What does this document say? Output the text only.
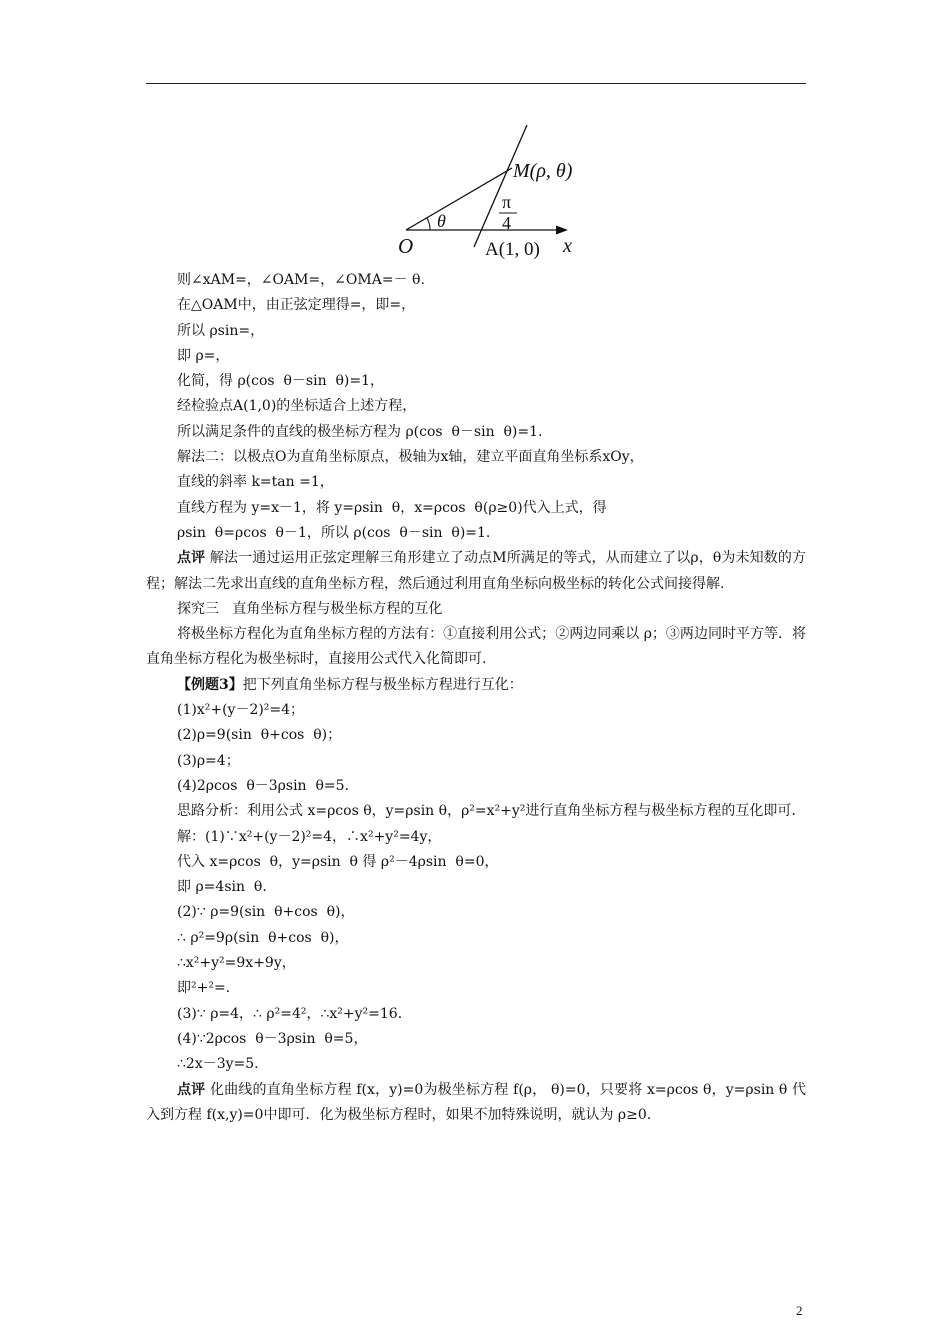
M(ρ, θ)
θ
π
4
O	A(1, 0) x
则∠xAM=，∠OAM=，∠OMA=－ θ.
在△OAM中，由正弦定理得=，即=，
所以 ρsin=，
即 ρ=，
化简，得 ρ(cos  θ－sin  θ)=1，
经检验点A(1,0)的坐标适合上述方程，
所以满足条件的直线的极坐标方程为 ρ(cos  θ－sin  θ)=1.
解法二：以极点O为直角坐标原点，极轴为x轴，建立平面直角坐标系xOy，
直线的斜率 k=tan =1，
直线方程为 y=x－1，将 y=ρsin  θ，x=ρcos  θ(ρ≥0)代入上式，得
ρsin  θ=ρcos  θ－1，所以 ρ(cos  θ－sin  θ)=1.
点评 解法一通过运用正弦定理解三角形建立了动点M所满足的等式，从而建立了以ρ，θ为未知数的方程；解法二先求出直线的直角坐标方程，然后通过利用直角坐标向极坐标的转化公式间接得解.
探究三   直角坐标方程与极坐标方程的互化
将极坐标方程化为直角坐标方程的方法有：①直接利用公式；②两边同乘以 ρ；③两边同时平方等．将直角坐标方程化为极坐标时，直接用公式代入化简即可.
【例题3】把下列直角坐标方程与极坐标方程进行互化：
(1)x²+(y－2)²=4；
(2)ρ=9(sin  θ+cos  θ)；
(3)ρ=4；
(4)2ρcos  θ－3ρsin  θ=5.
思路分析：利用公式 x=ρcos θ，y=ρsin θ，ρ²=x²+y²进行直角坐标方程与极坐标方程的互化即可.
解：(1)∵x²+(y－2)²=4，∴x²+y²=4y，
代入 x=ρcos  θ，y=ρsin  θ 得 ρ²－4ρsin  θ=0，
即 ρ=4sin  θ.
(2)∵ ρ=9(sin  θ+cos  θ)，
∴ ρ²=9ρ(sin  θ+cos  θ)，
∴x²+y²=9x+9y，
即²+²=.
(3)∵ ρ=4，∴ ρ²=4²，∴x²+y²=16.
(4)∵2ρcos  θ－3ρsin  θ=5，
∴2x－3y=5.
点评 化曲线的直角坐标方程 f(x，y)=0为极坐标方程 f(ρ， θ)=0，只要将 x=ρcos θ，y=ρsin θ 代入到方程 f(x,y)=0中即可．化为极坐标方程时，如果不加特殊说明，就认为 ρ≥0.
2
